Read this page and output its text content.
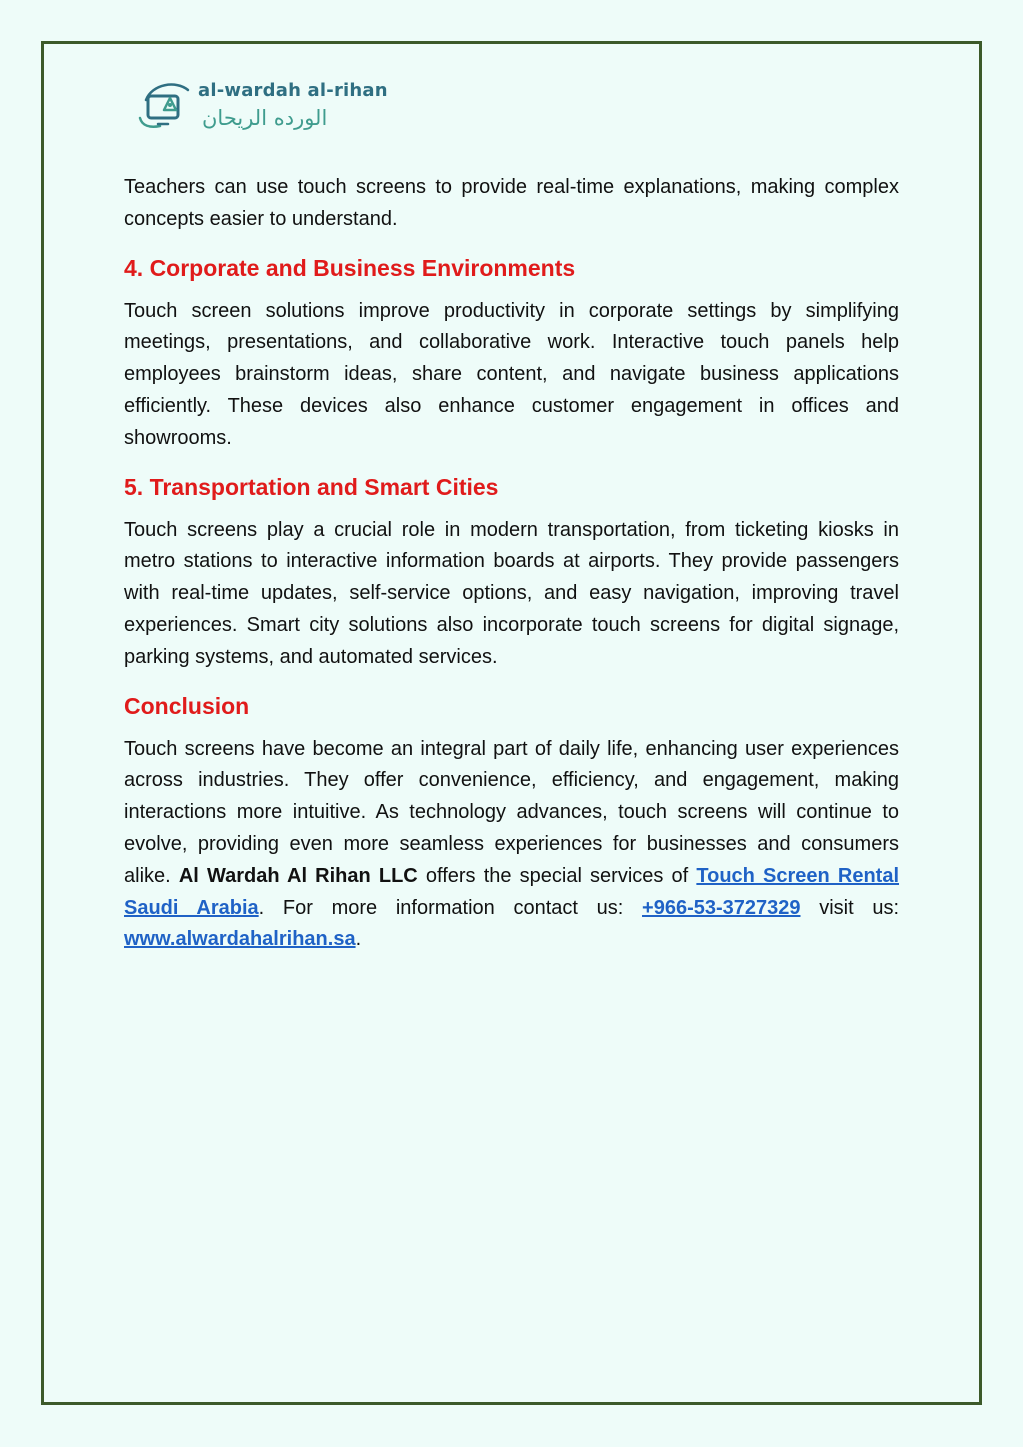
al-wardah al-rihan
الورده الريحان

Teachers can use touch screens to provide real-time explanations, making complex concepts easier to understand.

4. Corporate and Business Environments

Touch screen solutions improve productivity in corporate settings by simplifying meetings, presentations, and collaborative work. Interactive touch panels help employees brainstorm ideas, share content, and navigate business applications efficiently. These devices also enhance customer engagement in offices and showrooms.

5. Transportation and Smart Cities

Touch screens play a crucial role in modern transportation, from ticketing kiosks in metro stations to interactive information boards at airports. They provide passengers with real-time updates, self-service options, and easy navigation, improving travel experiences. Smart city solutions also incorporate touch screens for digital signage, parking systems, and automated services.

Conclusion

Touch screens have become an integral part of daily life, enhancing user experiences across industries. They offer convenience, efficiency, and engagement, making interactions more intuitive. As technology advances, touch screens will continue to evolve, providing even more seamless experiences for businesses and consumers alike. Al Wardah Al Rihan LLC offers the special services of Touch Screen Rental Saudi Arabia. For more information contact us: +966-53-3727329 visit us: www.alwardahalrihan.sa.
